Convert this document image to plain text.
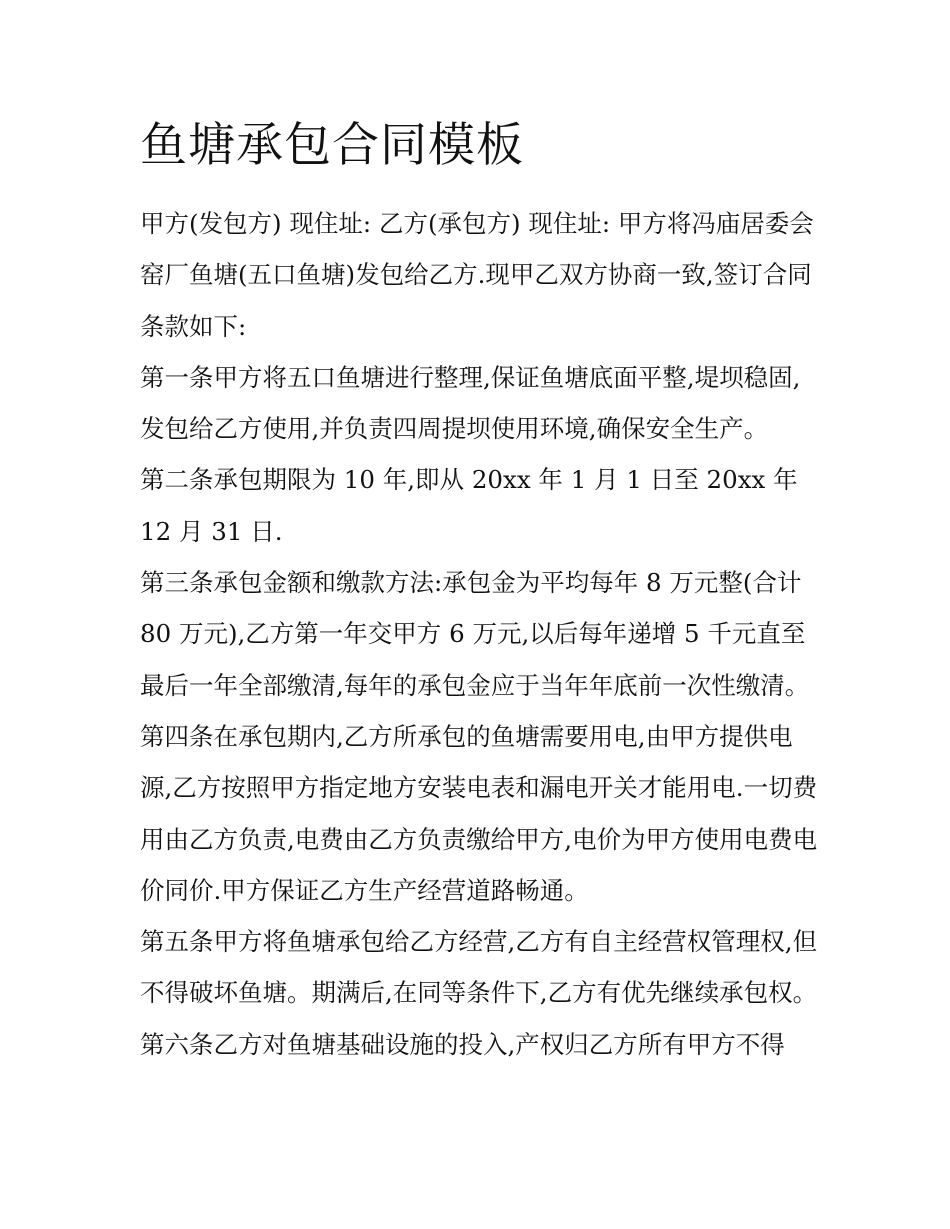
鱼塘承包合同模板

甲方(发包方) 现住址: 乙方(承包方) 现住址: 甲方将冯庙居委会窑厂鱼塘(五口鱼塘)发包给乙方.现甲乙双方协商一致,签订合同条款如下:

第一条甲方将五口鱼塘进行整理,保证鱼塘底面平整,堤坝稳固,发包给乙方使用,并负责四周提坝使用环境,确保安全生产。

第二条承包期限为 10 年,即从 20xx 年 1 月 1 日至 20xx 年 12 月 31 日.

第三条承包金额和缴款方法:承包金为平均每年 8 万元整(合计 80 万元),乙方第一年交甲方 6 万元,以后每年递增 5 千元直至最后一年全部缴清,每年的承包金应于当年年底前一次性缴清。

第四条在承包期内,乙方所承包的鱼塘需要用电,由甲方提供电源,乙方按照甲方指定地方安装电表和漏电开关才能用电.一切费用由乙方负责,电费由乙方负责缴给甲方,电价为甲方使用电费电价同价.甲方保证乙方生产经营道路畅通。

第五条甲方将鱼塘承包给乙方经营,乙方有自主经营权管理权,但不得破坏鱼塘。期满后,在同等条件下,乙方有优先继续承包权。

第六条乙方对鱼塘基础设施的投入,产权归乙方所有甲方不得
